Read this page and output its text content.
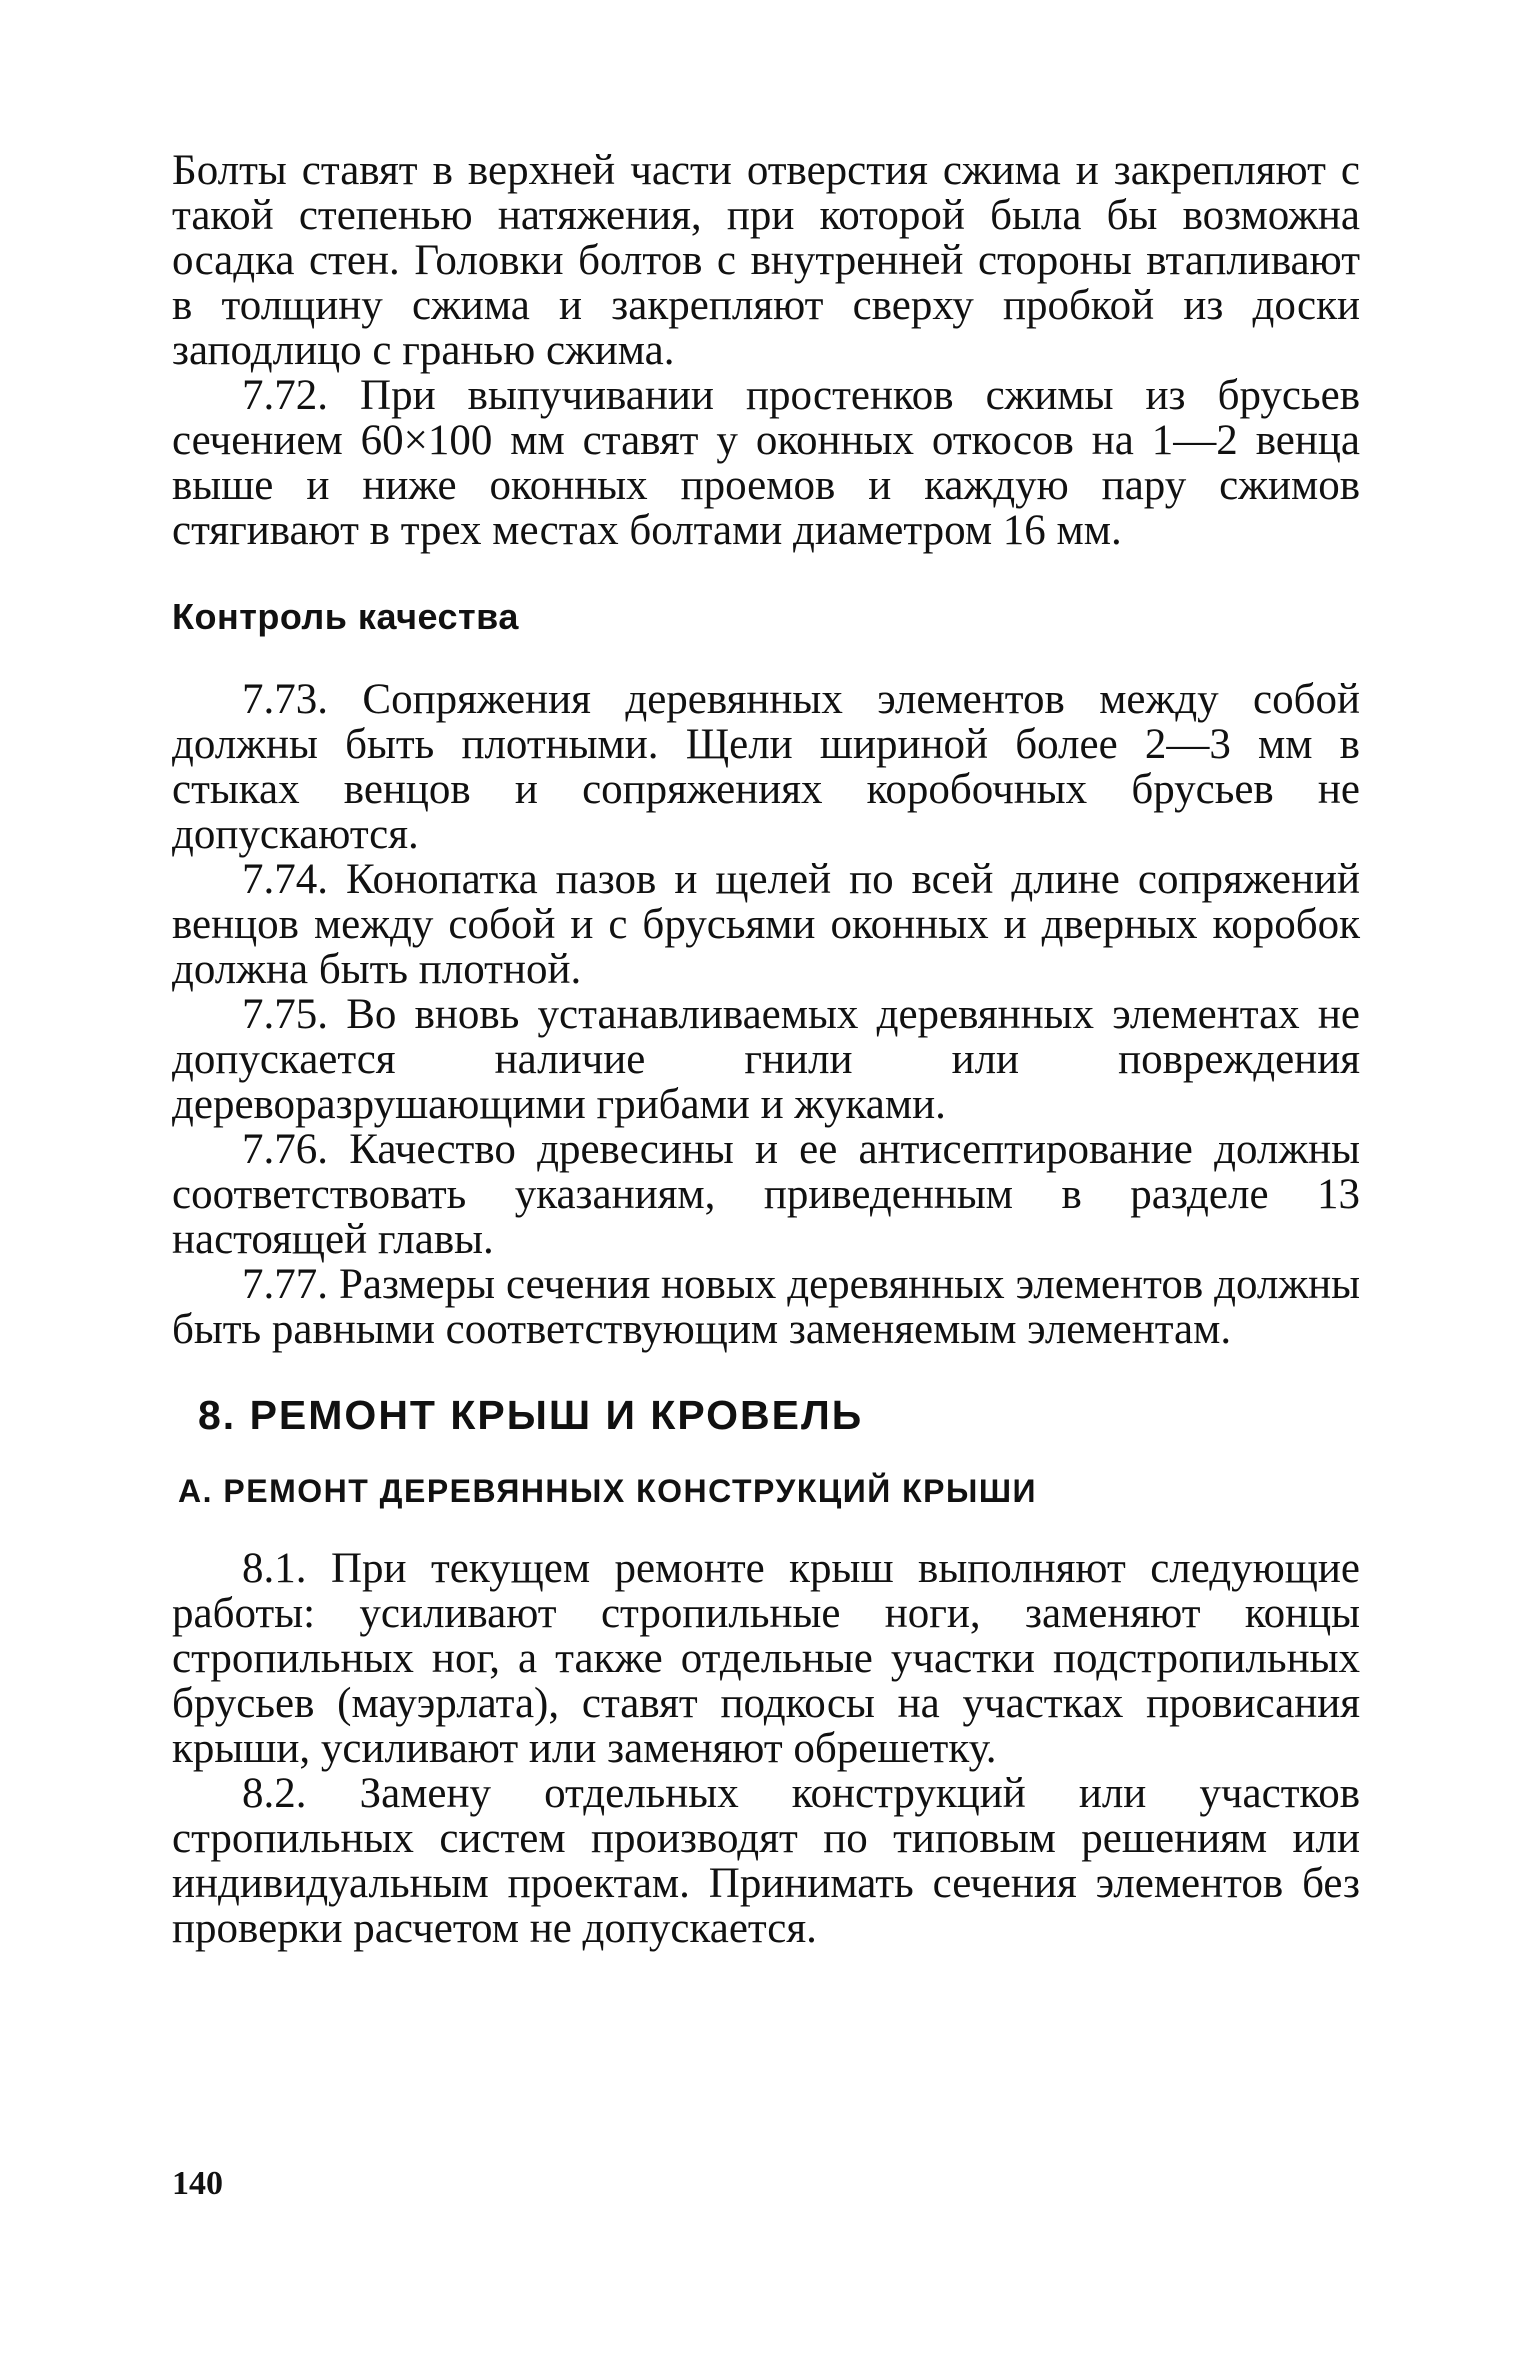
Болты ставят в верхней части отверстия сжима и закрепляют с такой степенью натяжения, при которой была бы возможна осадка стен. Головки болтов с внутренней стороны втапливают в толщину сжима и закрепляют сверху пробкой из доски заподлицо с гранью сжима.

7.72. При выпучивании простенков сжимы из брусьев сечением 60×100 мм ставят у оконных откосов на 1—2 венца выше и ниже оконных проемов и каждую пару сжимов стягивают в трех местах болтами диаметром 16 мм.

Контроль качества

7.73. Сопряжения деревянных элементов между собой должны быть плотными. Щели шириной более 2—3 мм в стыках венцов и сопряжениях коробочных брусьев не допускаются.

7.74. Конопатка пазов и щелей по всей длине сопряжений венцов между собой и с брусьями оконных и дверных коробок должна быть плотной.

7.75. Во вновь устанавливаемых деревянных элементах не допускается наличие гнили или повреждения дереворазрушающими грибами и жуками.

7.76. Качество древесины и ее антисептирование должны соответствовать указаниям, приведенным в разделе 13 настоящей главы.

7.77. Размеры сечения новых деревянных элементов должны быть равными соответствующим заменяемым элементам.

8. РЕМОНТ КРЫШ И КРОВЕЛЬ
А. РЕМОНТ ДЕРЕВЯННЫХ КОНСТРУКЦИЙ КРЫШИ

8.1. При текущем ремонте крыш выполняют следующие работы: усиливают стропильные ноги, заменяют концы стропильных ног, а также отдельные участки подстропильных брусьев (мауэрлата), ставят подкосы на участках провисания крыши, усиливают или заменяют обрешетку.

8.2. Замену отдельных конструкций или участков стропильных систем производят по типовым решениям или индивидуальным проектам. Принимать сечения элементов без проверки расчетом не допускается.

140
